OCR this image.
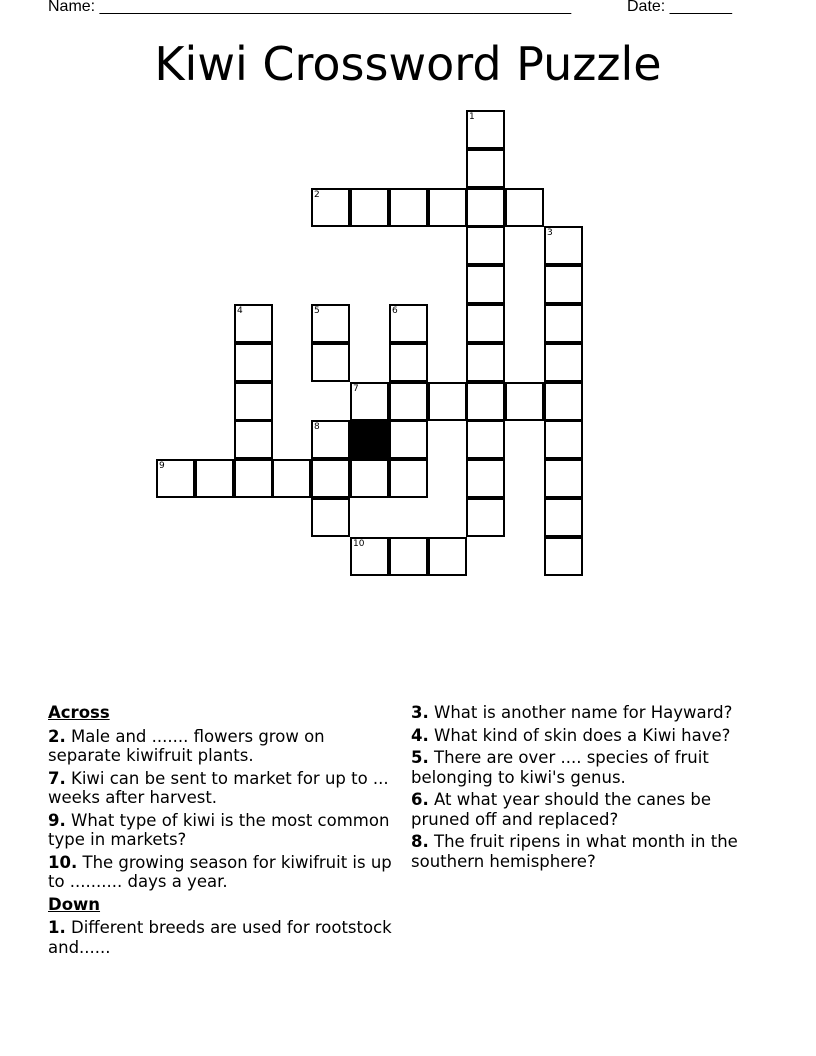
Name: _____________________________________________________	Date: _______
Kiwi Crossword Puzzle
1
2
3
4	5	6
7
8
9
10
Across
2. Male and ....... flowers grow on separate kiwifruit plants.
7. Kiwi can be sent to market for up to ... weeks after harvest.
9. What type of kiwi is the most common type in markets?
10. The growing season for kiwifruit is up to .......... days a year.
Down
1. Different breeds are used for rootstock and......
3. What is another name for Hayward?
4. What kind of skin does a Kiwi have?
5. There are over .... species of fruit belonging to kiwi's genus.
6. At what year should the canes be pruned off and replaced?
8. The fruit ripens in what month in the southern hemisphere?
